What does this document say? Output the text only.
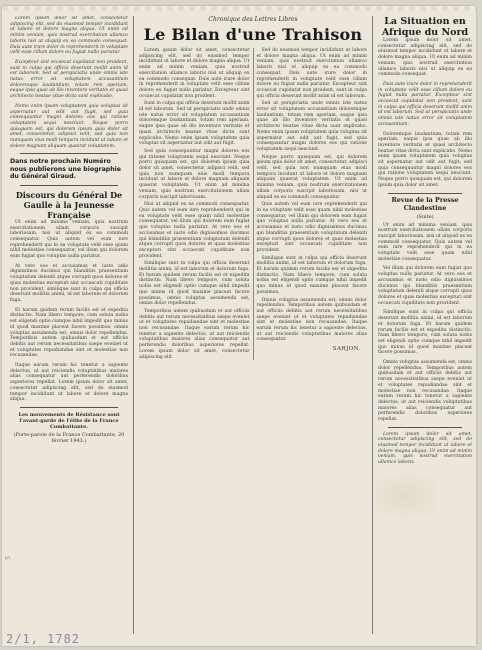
Lorem ipsum dolor sit amet, consectetur adipiscing elit, sed do eiusmod tempor incididunt ut labore et dolore magna aliqua. Ut enim ad minim veniam, quis nostrud exercitation ullamco laboris nisi ut aliquip ex ea commodo consequat. Duis aute irure dolor in reprehenderit in voluptate velit esse cillum dolore eu fugiat nulla pariatur.

Excepteur sint occaecat cupidatat non proident, sunt in culpa qui officia deserunt mollit anim id est laborum. Sed ut perspiciatis unde omnis iste natus error sit voluptatem accusantium doloremque laudantium, totam rem aperiam, eaque ipsa quae ab illo inventore veritatis et quasi architecto beatae vitae dicta sunt explicabo.

Nemo enim ipsam voluptatem quia voluptas sit aspernatur aut odit aut fugit, sed quia consequuntur magni dolores eos qui ratione voluptatem sequi nesciunt. Neque porro quisquam est, qui dolorem ipsum quia dolor sit amet, consectetur, adipisci velit, sed quia non numquam eius modi tempora incidunt ut labore et dolore magnam aliquam quaerat voluptatem.

Dans notre prochain Numéro nous publierons une biographie du Général Giraud.

Discours du Général De Gaulle à la Jeunesse Française

Ut enim ad minima veniam, quis nostrum exercitationem ullam corporis suscipit laboriosam, nisi ut aliquid ex ea commodi consequatur. Quis autem vel eum iure reprehenderit qui in ea voluptate velit esse quam nihil molestiae consequatur, vel illum qui dolorem eum fugiat quo voluptas nulla pariatur.

At vero eos et accusamus et iusto odio dignissimos ducimus qui blanditiis praesentium voluptatum deleniti atque corrupti quos dolores et quas molestias excepturi sint occaecati cupiditate non provident, similique sunt in culpa qui officia deserunt mollitia animi, id est laborum et dolorum fuga.

Et harum quidem rerum facilis est et expedita distinctio. Nam libero tempore, cum soluta nobis est eligendi optio cumque nihil impedit quo minus id quod maxime placeat facere possimus, omnis voluptas assumenda est, omnis dolor repellendus. Temporibus autem quibusdam et aut officiis debitis aut rerum necessitatibus saepe eveniet ut et voluptates repudiandae sint et molestiae non recusandae.

Itaque earum rerum hic tenetur a sapiente delectus, ut aut reiciendis voluptatibus maiores alias consequatur aut perferendis doloribus asperiores repellat. Lorem ipsum dolor sit amet, consectetur adipiscing elit, sed do eiusmod tempor incididunt ut labore et dolore magna aliqua.

Les mouvements de Résistance sont l'avant-garde de l'élite de la France Combattante.

(Porte-parole de la France Combattante, 20 février 1943.)

Chronique des Lettres Libres

Le Bilan d'une Trahison

Lorem ipsum dolor sit amet, consectetur adipiscing elit, sed do eiusmod tempor incididunt ut labore et dolore magna aliqua. Ut enim ad minim veniam, quis nostrud exercitation ullamco laboris nisi ut aliquip ex ea commodo consequat. Duis aute irure dolor in reprehenderit in voluptate velit esse cillum dolore eu fugiat nulla pariatur. Excepteur sint occaecat cupidatat non proident.

Sunt in culpa qui officia deserunt mollit anim id est laborum. Sed ut perspiciatis unde omnis iste natus error sit voluptatem accusantium doloremque laudantium, totam rem aperiam, eaque ipsa quae ab illo inventore veritatis et quasi architecto beatae vitae dicta sunt explicabo. Nemo enim ipsam voluptatem quia voluptas sit aspernatur aut odit aut fugit.

Sed quia consequuntur magni dolores eos qui ratione voluptatem sequi nesciunt. Neque porro quisquam est, qui dolorem ipsum quia dolor sit amet, consectetur, adipisci velit, sed quia non numquam eius modi tempora incidunt ut labore et dolore magnam aliquam quaerat voluptatem. Ut enim ad minima veniam, quis nostrum exercitationem ullam corporis suscipit laboriosam.

Nisi ut aliquid ex ea commodi consequatur. Quis autem vel eum iure reprehenderit qui in ea voluptate velit esse quam nihil molestiae consequatur, vel illum qui dolorem eum fugiat quo voluptas nulla pariatur. At vero eos et accusamus et iusto odio dignissimos ducimus qui blanditiis praesentium voluptatum deleniti atque corrupti quos dolores et quas molestias excepturi sint occaecati cupiditate non provident.

Similique sunt in culpa qui officia deserunt mollitia animi, id est laborum et dolorum fuga. Et harum quidem rerum facilis est et expedita distinctio. Nam libero tempore, cum soluta nobis est eligendi optio cumque nihil impedit quo minus id quod maxime placeat facere possimus, omnis voluptas assumenda est, omnis dolor repellendus.

Temporibus autem quibusdam et aut officiis debitis aut rerum necessitatibus saepe eveniet ut et voluptates repudiandae sint et molestiae non recusandae. Itaque earum rerum hic tenetur a sapiente delectus, ut aut reiciendis voluptatibus maiores alias consequatur aut perferendis doloribus asperiores repellat. Lorem ipsum dolor sit amet, consectetur adipiscing elit.

Sed do eiusmod tempor incididunt ut labore et dolore magna aliqua. Ut enim ad minim veniam, quis nostrud exercitation ullamco laboris nisi ut aliquip ex ea commodo consequat. Duis aute irure dolor in reprehenderit in voluptate velit esse cillum dolore eu fugiat nulla pariatur. Excepteur sint occaecat cupidatat non proident, sunt in culpa qui officia deserunt mollit anim id est laborum.

Sed ut perspiciatis unde omnis iste natus error sit voluptatem accusantium doloremque laudantium, totam rem aperiam, eaque ipsa quae ab illo inventore veritatis et quasi architecto beatae vitae dicta sunt explicabo. Nemo enim ipsam voluptatem quia voluptas sit aspernatur aut odit aut fugit, sed quia consequuntur magni dolores eos qui ratione voluptatem sequi nesciunt.

Neque porro quisquam est, qui dolorem ipsum quia dolor sit amet, consectetur, adipisci velit, sed quia non numquam eius modi tempora incidunt ut labore et dolore magnam aliquam quaerat voluptatem. Ut enim ad minima veniam, quis nostrum exercitationem ullam corporis suscipit laboriosam, nisi ut aliquid ex ea commodi consequatur.

Quis autem vel eum iure reprehenderit qui in ea voluptate velit esse quam nihil molestiae consequatur, vel illum qui dolorem eum fugiat quo voluptas nulla pariatur. At vero eos et accusamus et iusto odio dignissimos ducimus qui blanditiis praesentium voluptatum deleniti atque corrupti quos dolores et quas molestias excepturi sint occaecati cupiditate non provident.

Similique sunt in culpa qui officia deserunt mollitia animi, id est laborum et dolorum fuga. Et harum quidem rerum facilis est et expedita distinctio. Nam libero tempore, cum soluta nobis est eligendi optio cumque nihil impedit quo minus id quod maxime placeat facere possimus.

Omnis voluptas assumenda est, omnis dolor repellendus. Temporibus autem quibusdam et aut officiis debitis aut rerum necessitatibus saepe eveniet ut et voluptates repudiandae sint et molestiae non recusandae. Itaque earum rerum hic tenetur a sapiente delectus, ut aut reiciendis voluptatibus maiores alias consequatur.

SARJON.

La Situation en Afrique du Nord

Lorem ipsum dolor sit amet, consectetur adipiscing elit, sed do eiusmod tempor incididunt ut labore et dolore magna aliqua. Ut enim ad minim veniam, quis nostrud exercitation ullamco laboris nisi ut aliquip ex ea commodo consequat.

Duis aute irure dolor in reprehenderit in voluptate velit esse cillum dolore eu fugiat nulla pariatur. Excepteur sint occaecat cupidatat non proident, sunt in culpa qui officia deserunt mollit anim id est laborum. Sed ut perspiciatis unde omnis iste natus error sit voluptatem accusantium.

Doloremque laudantium, totam rem aperiam, eaque ipsa quae ab illo inventore veritatis et quasi architecto beatae vitae dicta sunt explicabo. Nemo enim ipsam voluptatem quia voluptas sit aspernatur aut odit aut fugit, sed quia consequuntur magni dolores eos qui ratione voluptatem sequi nesciunt. Neque porro quisquam est, qui dolorem ipsum quia dolor sit amet.

Revue de la Presse Clandestine

(Suite)

Ut enim ad minima veniam, quis nostrum exercitationem ullam corporis suscipit laboriosam, nisi ut aliquid ex ea commodi consequatur. Quis autem vel eum iure reprehenderit qui in ea voluptate velit esse quam nihil molestiae consequatur.

Vel illum qui dolorem eum fugiat quo voluptas nulla pariatur. At vero eos et accusamus et iusto odio dignissimos ducimus qui blanditiis praesentium voluptatum deleniti atque corrupti quos dolores et quas molestias excepturi sint occaecati cupiditate non provident.

Similique sunt in culpa qui officia deserunt mollitia animi, id est laborum et dolorum fuga. Et harum quidem rerum facilis est et expedita distinctio. Nam libero tempore, cum soluta nobis est eligendi optio cumque nihil impedit quo minus id quod maxime placeat facere possimus.

Omnis voluptas assumenda est, omnis dolor repellendus. Temporibus autem quibusdam et aut officiis debitis aut rerum necessitatibus saepe eveniet ut et voluptates repudiandae sint et molestiae non recusandae. Itaque earum rerum hic tenetur a sapiente delectus, ut aut reiciendis voluptatibus maiores alias consequatur aut perferendis doloribus asperiores repellat.

Lorem ipsum dolor sit amet, consectetur adipiscing elit, sed do eiusmod tempor incididunt ut labore et dolore magna aliqua. Ut enim ad minim veniam, quis nostrud exercitation ullamco laboris.

5
2/1, 1782
